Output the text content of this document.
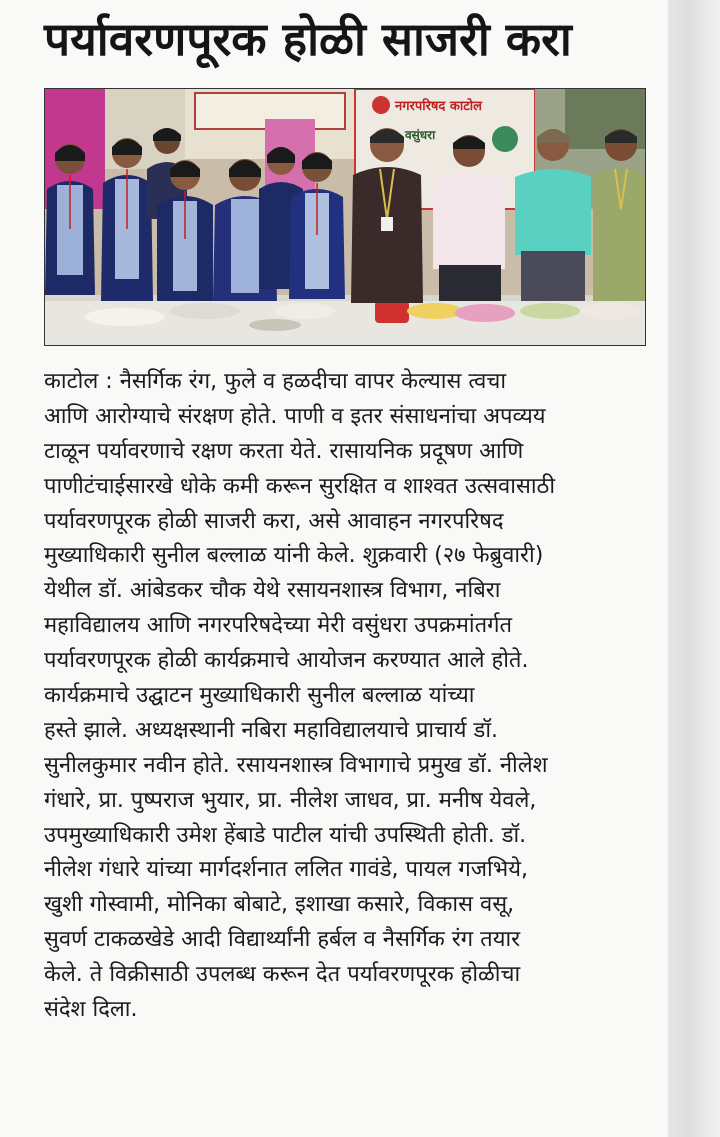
पर्यावरणपूरक होळी साजरी करा
नगरपरिषद काटोल
वसुंधरा
काटोल : नैसर्गिक रंग, फुले व हळदीचा वापर केल्यास त्वचा
आणि आरोग्याचे संरक्षण होते. पाणी व इतर संसाधनांचा अपव्यय
टाळून पर्यावरणाचे रक्षण करता येते. रासायनिक प्रदूषण आणि
पाणीटंचाईसारखे धोके कमी करून सुरक्षित व शाश्वत उत्सवासाठी
पर्यावरणपूरक होळी साजरी करा, असे आवाहन नगरपरिषद
मुख्याधिकारी सुनील बल्लाळ यांनी केले. शुक्रवारी (२७ फेब्रुवारी)
येथील डॉ. आंबेडकर चौक येथे रसायनशास्त्र विभाग, नबिरा
महाविद्यालय आणि नगरपरिषदेच्या मेरी वसुंधरा उपक्रमांतर्गत
पर्यावरणपूरक होळी कार्यक्रमाचे आयोजन करण्यात आले होते.
कार्यक्रमाचे उद्घाटन मुख्याधिकारी सुनील बल्लाळ यांच्या
हस्ते झाले. अध्यक्षस्थानी नबिरा महाविद्यालयाचे प्राचार्य डॉ.
सुनीलकुमार नवीन होते. रसायनशास्त्र विभागाचे प्रमुख डॉ. नीलेश
गंधारे, प्रा. पुष्पराज भुयार, प्रा. नीलेश जाधव, प्रा. मनीष येवले,
उपमुख्याधिकारी उमेश हेंबाडे पाटील यांची उपस्थिती होती. डॉ.
नीलेश गंधारे यांच्या मार्गदर्शनात ललित गावंडे, पायल गजभिये,
खुशी गोस्वामी, मोनिका बोबाटे, इशाखा कसारे, विकास वसू,
सुवर्ण टाकळखेडे आदी विद्यार्थ्यांनी हर्बल व नैसर्गिक रंग तयार
केले. ते विक्रीसाठी उपलब्ध करून देत पर्यावरणपूरक होळीचा
संदेश दिला.
